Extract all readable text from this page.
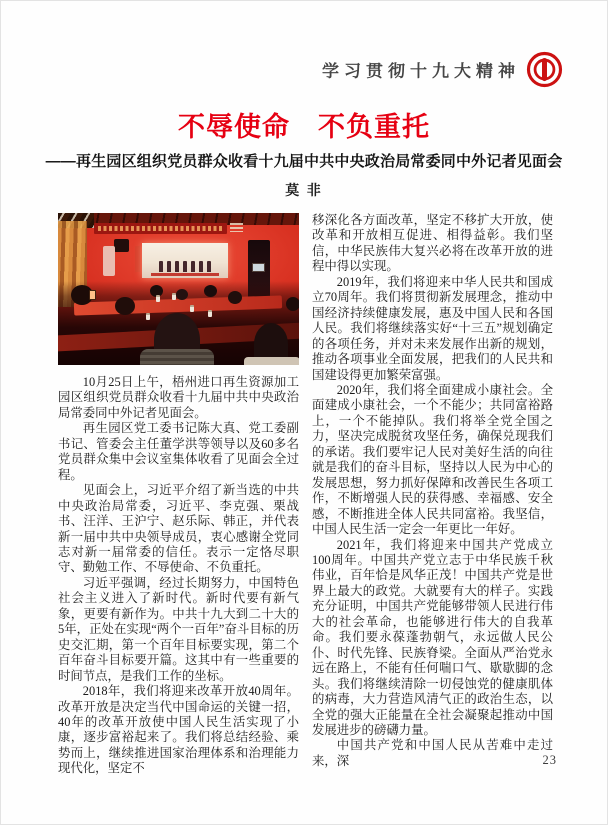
学习贯彻十九大精神
不辱使命　不负重托
——再生园区组织党员群众收看十九届中共中央政治局常委同中外记者见面会
莫 非

10月25日上午，梧州进口再生资源加工园区组织党员群众收看十九届中共中央政治局常委同中外记者见面会。

再生园区党工委书记陈大真、党工委副书记、管委会主任董学洪等领导以及60多名党员群众集中会议室集体收看了见面会全过程。

见面会上，习近平介绍了新当选的中共中央政治局常委，习近平、李克强、栗战书、汪洋、王沪宁、赵乐际、韩正，并代表新一届中共中央领导成员，衷心感谢全党同志对新一届常委的信任。表示一定恪尽职守、勤勉工作、不辱使命、不负重托。

习近平强调，经过长期努力，中国特色社会主义进入了新时代。新时代要有新气象，更要有新作为。中共十九大到二十大的5年，正处在实现“两个一百年”奋斗目标的历史交汇期，第一个百年目标要实现，第二个百年奋斗目标要开篇。这其中有一些重要的时间节点，是我们工作的坐标。

2018年，我们将迎来改革开放40周年。改革开放是决定当代中国命运的关键一招，40年的改革开放使中国人民生活实现了小康，逐步富裕起来了。我们将总结经验、乘势而上，继续推进国家治理体系和治理能力现代化，坚定不

移深化各方面改革，坚定不移扩大开放，使改革和开放相互促进、相得益彰。我们坚信，中华民族伟大复兴必将在改革开放的进程中得以实现。

2019年，我们将迎来中华人民共和国成立70周年。我们将贯彻新发展理念，推动中国经济持续健康发展，惠及中国人民和各国人民。我们将继续落实好“十三五”规划确定的各项任务，并对未来发展作出新的规划，推动各项事业全面发展，把我们的人民共和国建设得更加繁荣富强。

2020年，我们将全面建成小康社会。全面建成小康社会，一个不能少；共同富裕路上，一个不能掉队。我们将举全党全国之力，坚决完成脱贫攻坚任务，确保兑现我们的承诺。我们要牢记人民对美好生活的向往就是我们的奋斗目标，坚持以人民为中心的发展思想，努力抓好保障和改善民生各项工作，不断增强人民的获得感、幸福感、安全感，不断推进全体人民共同富裕。我坚信，中国人民生活一定会一年更比一年好。

2021年，我们将迎来中国共产党成立100周年。中国共产党立志于中华民族千秋伟业，百年恰是风华正茂！中国共产党是世界上最大的政党。大就要有大的样子。实践充分证明，中国共产党能够带领人民进行伟大的社会革命，也能够进行伟大的自我革命。我们要永葆蓬勃朝气，永远做人民公仆、时代先锋、民族脊梁。全面从严治党永远在路上，不能有任何喘口气、歇歇脚的念头。我们将继续清除一切侵蚀党的健康肌体的病毒，大力营造风清气正的政治生态，以全党的强大正能量在全社会凝聚起推动中国发展进步的磅礴力量。

中国共产党和中国人民从苦难中走过来，深	23
